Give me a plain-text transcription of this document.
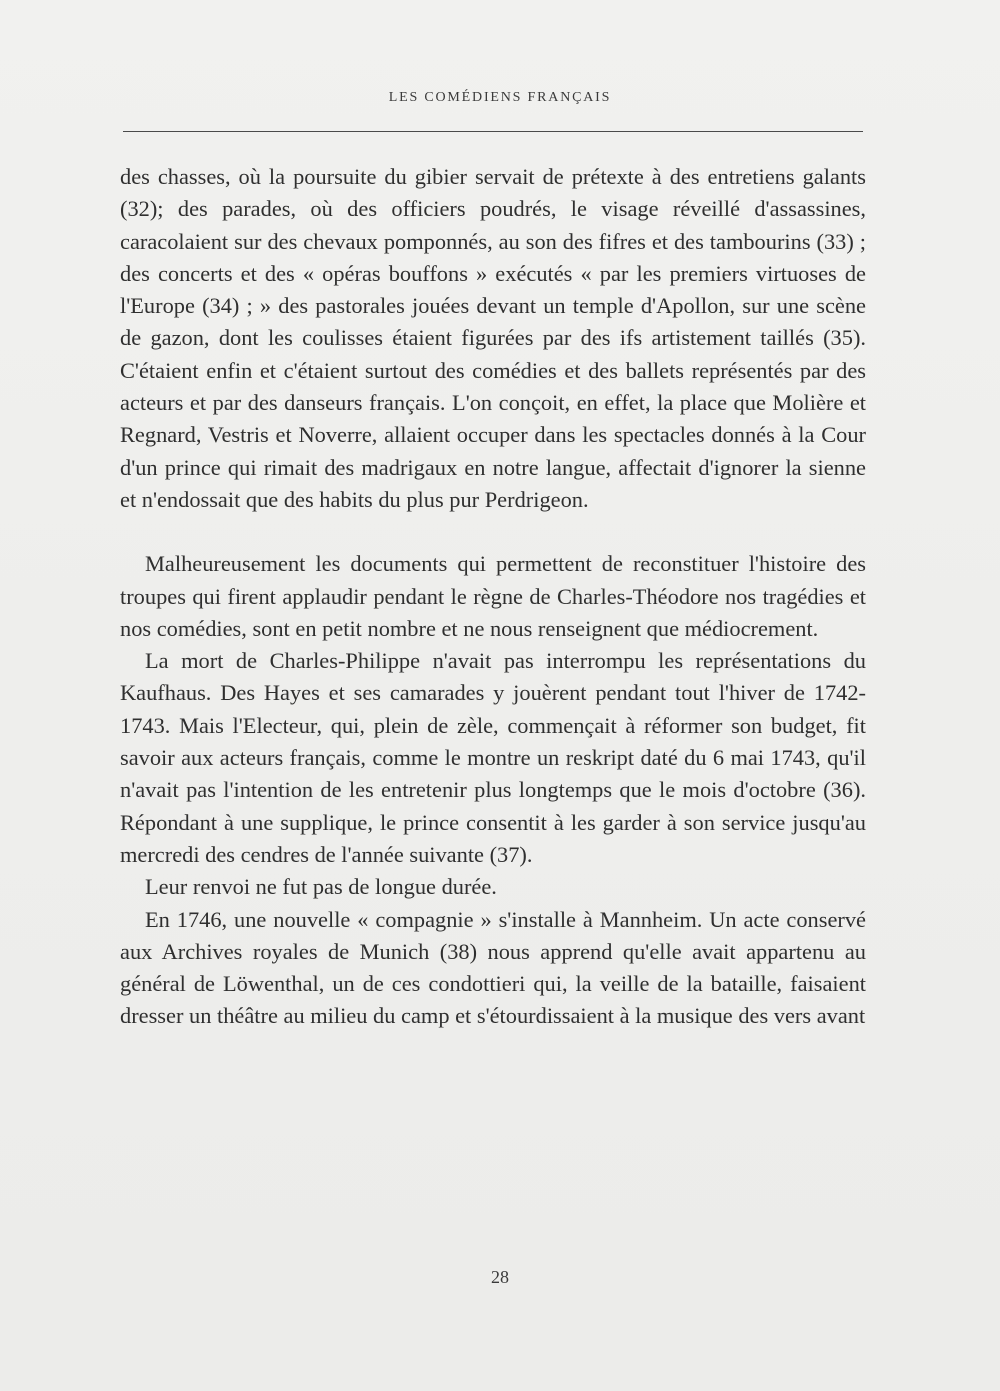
LES COMÉDIENS FRANÇAIS

des chasses, où la poursuite du gibier servait de prétexte à des entretiens galants (32); des parades, où des officiers poudrés, le visage réveillé d'assassines, caracolaient sur des chevaux pomponnés, au son des fifres et des tambourins (33) ; des concerts et des « opéras bouffons » exécutés « par les premiers virtuoses de l'Europe (34) ; » des pastorales jouées devant un temple d'Apollon, sur une scène de gazon, dont les coulisses étaient figurées par des ifs artistement taillés (35). C'étaient enfin et c'étaient surtout des comédies et des ballets représentés par des acteurs et par des danseurs français. L'on conçoit, en effet, la place que Molière et Regnard, Vestris et Noverre, allaient occuper dans les spectacles donnés à la Cour d'un prince qui rimait des madrigaux en notre langue, affectait d'ignorer la sienne et n'endossait que des habits du plus pur Perdrigeon.

Malheureusement les documents qui permettent de reconstituer l'histoire des troupes qui firent applaudir pendant le règne de Charles-Théodore nos tragédies et nos comédies, sont en petit nombre et ne nous renseignent que médiocrement.

La mort de Charles-Philippe n'avait pas interrompu les représentations du Kaufhaus. Des Hayes et ses camarades y jouèrent pendant tout l'hiver de 1742-1743. Mais l'Electeur, qui, plein de zèle, commençait à réformer son budget, fit savoir aux acteurs français, comme le montre un reskript daté du 6 mai 1743, qu'il n'avait pas l'intention de les entretenir plus longtemps que le mois d'octobre (36). Répondant à une supplique, le prince consentit à les garder à son service jusqu'au mercredi des cendres de l'année suivante (37).

Leur renvoi ne fut pas de longue durée.

En 1746, une nouvelle « compagnie » s'installe à Mannheim. Un acte conservé aux Archives royales de Munich (38) nous apprend qu'elle avait appartenu au général de Löwenthal, un de ces condottieri qui, la veille de la bataille, faisaient dresser un théâtre au milieu du camp et s'étourdissaient à la musique des vers avant

28
